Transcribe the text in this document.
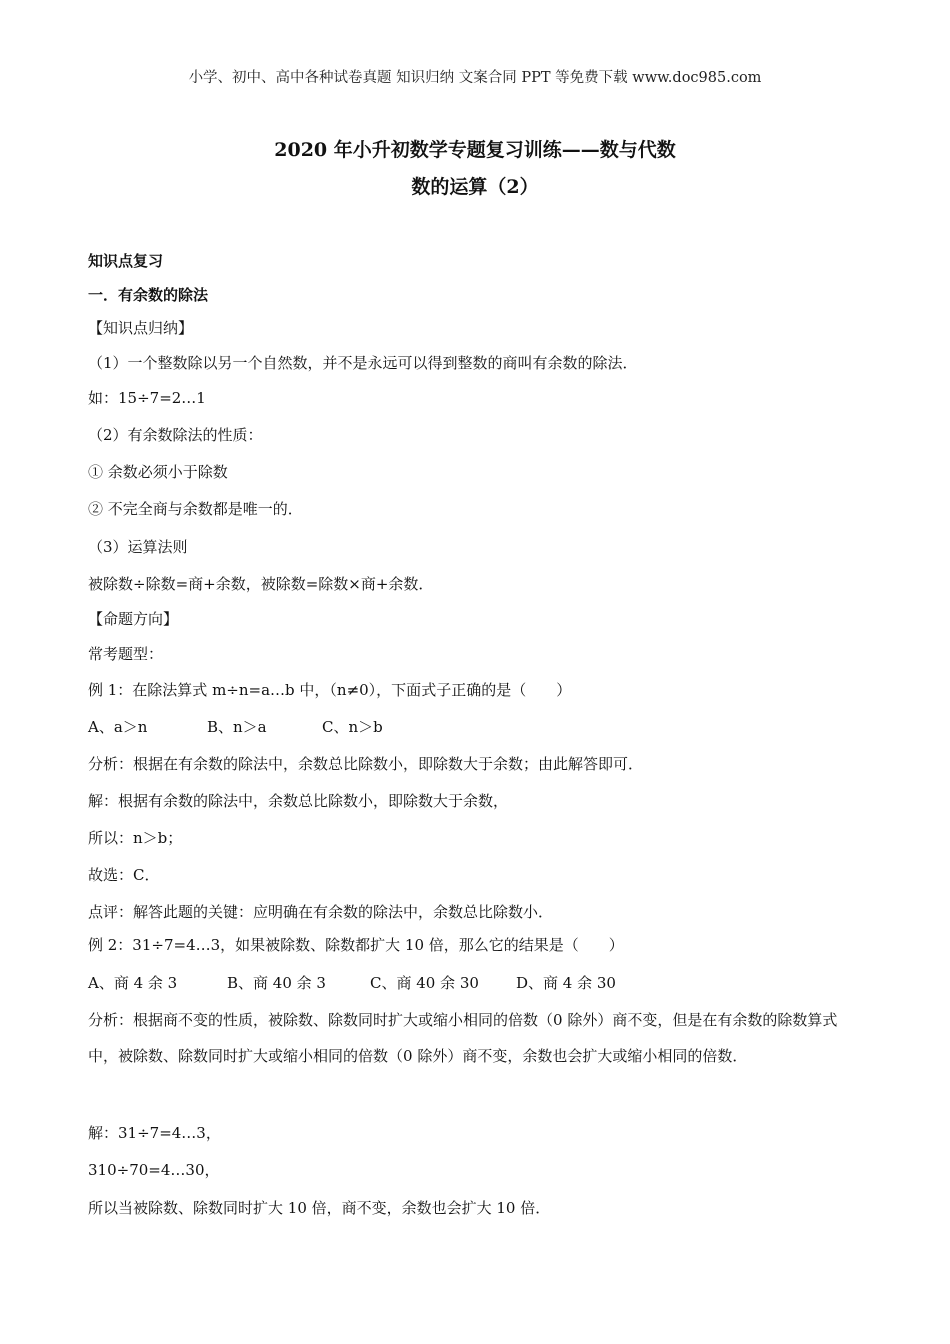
小学、初中、高中各种试卷真题 知识归纳 文案合同 PPT 等免费下载 www.doc985.com
2020 年小升初数学专题复习训练——数与代数
数的运算（2）
知识点复习
一．有余数的除法
【知识点归纳】
（1）一个整数除以另一个自然数，并不是永远可以得到整数的商叫有余数的除法．
如：15÷7=2…1
（2）有余数除法的性质：
① 余数必须小于除数
② 不完全商与余数都是唯一的．
（3）运算法则
被除数÷除数=商+余数，被除数=除数×商+余数．
【命题方向】
常考题型：
例 1：在除法算式 m÷n=a…b 中，（n≠0），下面式子正确的是（　　）
A、a＞n	B、n＞a	C、n＞b
分析：根据在有余数的除法中，余数总比除数小，即除数大于余数；由此解答即可．
解：根据有余数的除法中，余数总比除数小，即除数大于余数，
所以：n＞b；
故选：C．
点评：解答此题的关键：应明确在有余数的除法中，余数总比除数小．
例 2：31÷7=4…3，如果被除数、除数都扩大 10 倍，那么它的结果是（　　）
A、商 4 余 3	B、商 40 余 3	C、商 40 余 30 D、商 4 余 30
分析：根据商不变的性质，被除数、除数同时扩大或缩小相同的倍数（0 除外）商不变，但是在有余数的除数算式中，被除数、除数同时扩大或缩小相同的倍数（0 除外）商不变，余数也会扩大或缩小相同的倍数．
解：31÷7=4…3，
310÷70=4…30，
所以当被除数、除数同时扩大 10 倍，商不变，余数也会扩大 10 倍．
